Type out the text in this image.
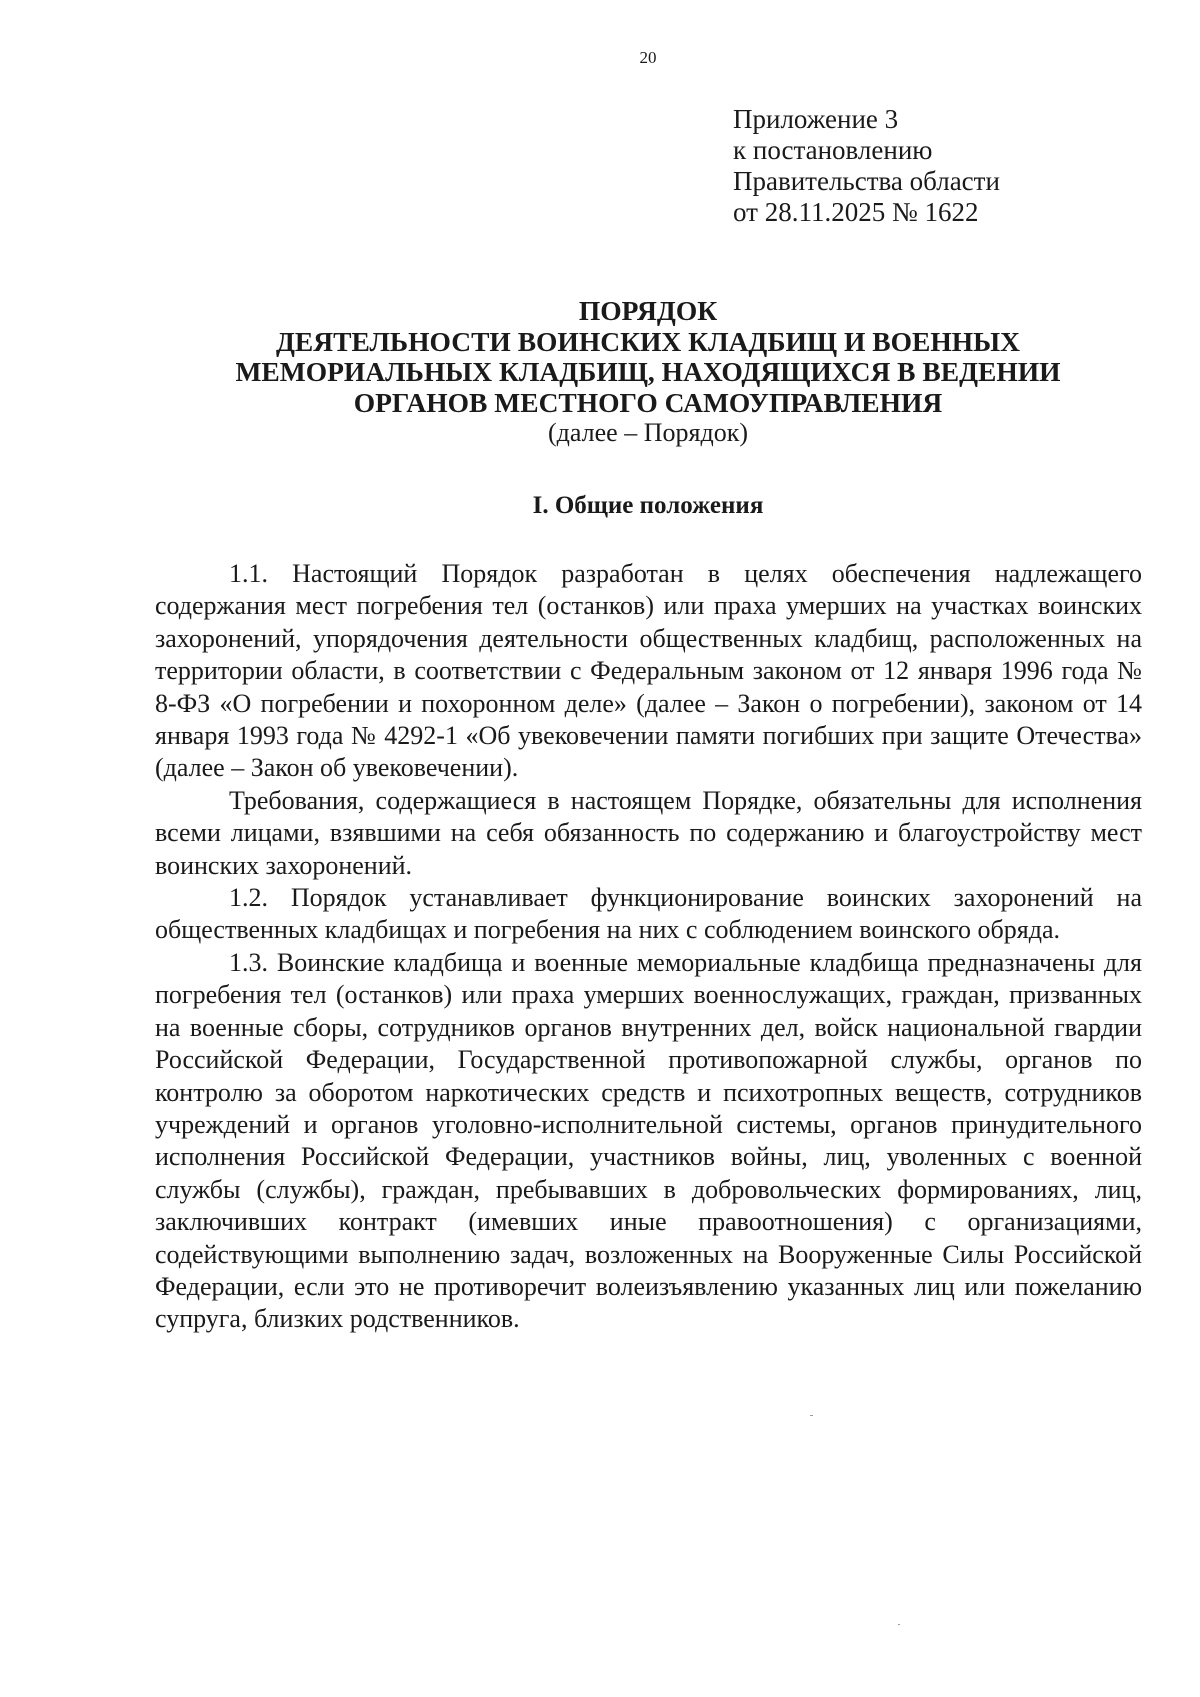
20
Приложение 3
к постановлению
Правительства области
от 28.11.2025 № 1622
ПОРЯДОК
ДЕЯТЕЛЬНОСТИ ВОИНСКИХ КЛАДБИЩ И ВОЕННЫХ
МЕМОРИАЛЬНЫХ КЛАДБИЩ, НАХОДЯЩИХСЯ В ВЕДЕНИИ
ОРГАНОВ МЕСТНОГО САМОУПРАВЛЕНИЯ
(далее – Порядок)
I. Общие положения

1.1. Настоящий Порядок разработан в целях обеспечения надлежащего содержания мест погребения тел (останков) или праха умерших на участках воинских захоронений, упорядочения деятельности общественных кладбищ, расположенных на территории области, в соответствии с Федеральным законом от 12 января 1996 года № 8-ФЗ «О погребении и похоронном деле» (далее – Закон о погребении), законом от 14 января 1993 года № 4292-1 «Об увековечении памяти погибших при защите Отечества» (далее – Закон об увековечении).

Требования, содержащиеся в настоящем Порядке, обязательны для исполнения всеми лицами, взявшими на себя обязанность по содержанию и благоустройству мест воинских захоронений.

1.2. Порядок устанавливает функционирование воинских захоронений на общественных кладбищах и погребения на них с соблюдением воинского обряда.

1.3. Воинские кладбища и военные мемориальные кладбища предназначены для погребения тел (останков) или праха умерших военнослужащих, граждан, призванных на военные сборы, сотрудников органов внутренних дел, войск национальной гвардии Российской Федерации, Государственной противопожарной службы, органов по контролю за оборотом наркотических средств и психотропных веществ, сотрудников учреждений и органов уголовно-исполнительной системы, органов принудительного исполнения Российской Федерации, участников войны, лиц, уволенных с военной службы (службы), граждан, пребывавших в добровольческих формированиях, лиц, заключивших контракт (имевших иные правоотношения) с организациями, содействующими выполнению задач, возложенных на Вооруженные Силы Российской Федерации, если это не противоречит волеизъявлению указанных лиц или пожеланию супруга, близких родственников.
